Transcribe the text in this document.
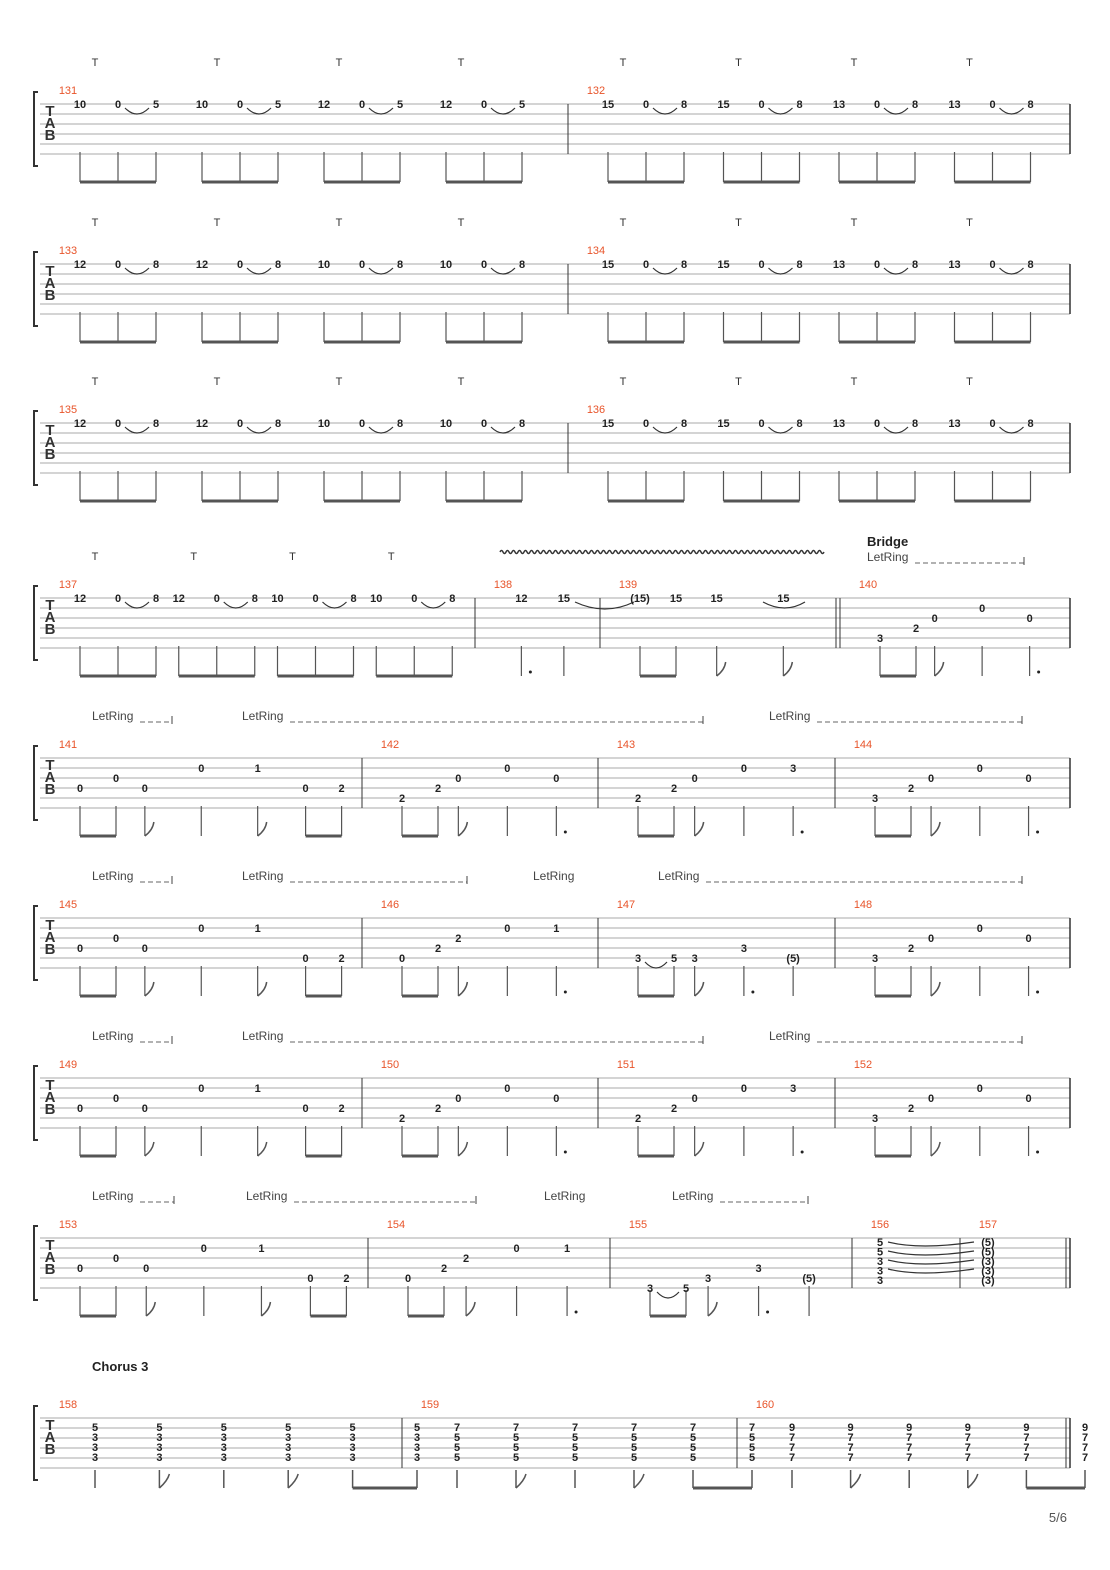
T
A
B
131
T
10	0	5
T
10	0	5
T
12	0	5
T
12	0	5
132
T
15	0	8
T
15	0	8
T
13	0	8
T
13	0	8
T
A
B
133
T
12	0	8
T
12	0	8
T
10	0	8
T
10	0	8
134
T
15	0	8
T
15	0	8
T
13	0	8
T
13	0	8
T
A
B
135
T
12	0	8
T
12	0	8
T
10	0	8
T
10	0	8
136
T
15	0	8
T
15	0	8
T
13	0	8
T
13	0	8
T
A
B
Bridge
LetRing
137
T
12	0	8
T
12	0	8
T
10	0	8
T
10	0	8
138
12	15
139
(15) 15	15	15
140
3
2
0
0
0
T
A
B
LetRing	LetRing	LetRing
141
0
0
0
0	1
0	2
142
2
2
0
0
0
143
2
2
0
0	3
144
3
2
0
0
0
T
A
B
LetRing	LetRing	LetRing	LetRing
145
0
0
0
0	1
0	2
146
0
2
2
0	1
147
3	5 3
3
(5)
148
3
2
0
0
0
T
A
B
LetRing	LetRing	LetRing
149
0
0
0
0	1
0	2
150
2
2
0
0
0
151
2
2
0
0	3
152
3
2
0
0
0
T
A
B
LetRing	LetRing	LetRing	LetRing
153
0
0
0
0	1
0	2
154
0
2
2
0	1
155
3	5
3
3
(5)
156
5
5
3
3
3
157
(5)
(5)
(3)
(3)
(3)
T
A
B
Chorus 3
158
5
3
3
3
5
3
3
3
5
3
3
3
5
3
3
3
5
3
3
3
5
3
3
3
159
7
5
5
5
7
5
5
5
7
5
5
5
7
5
5
5
7
5
5
5
7
5
5
5
160
9
7
7
7
9
7
7
7
9
7
7
7
9
7
7
7
9
7
7
7
9
7
7
7
5/6
